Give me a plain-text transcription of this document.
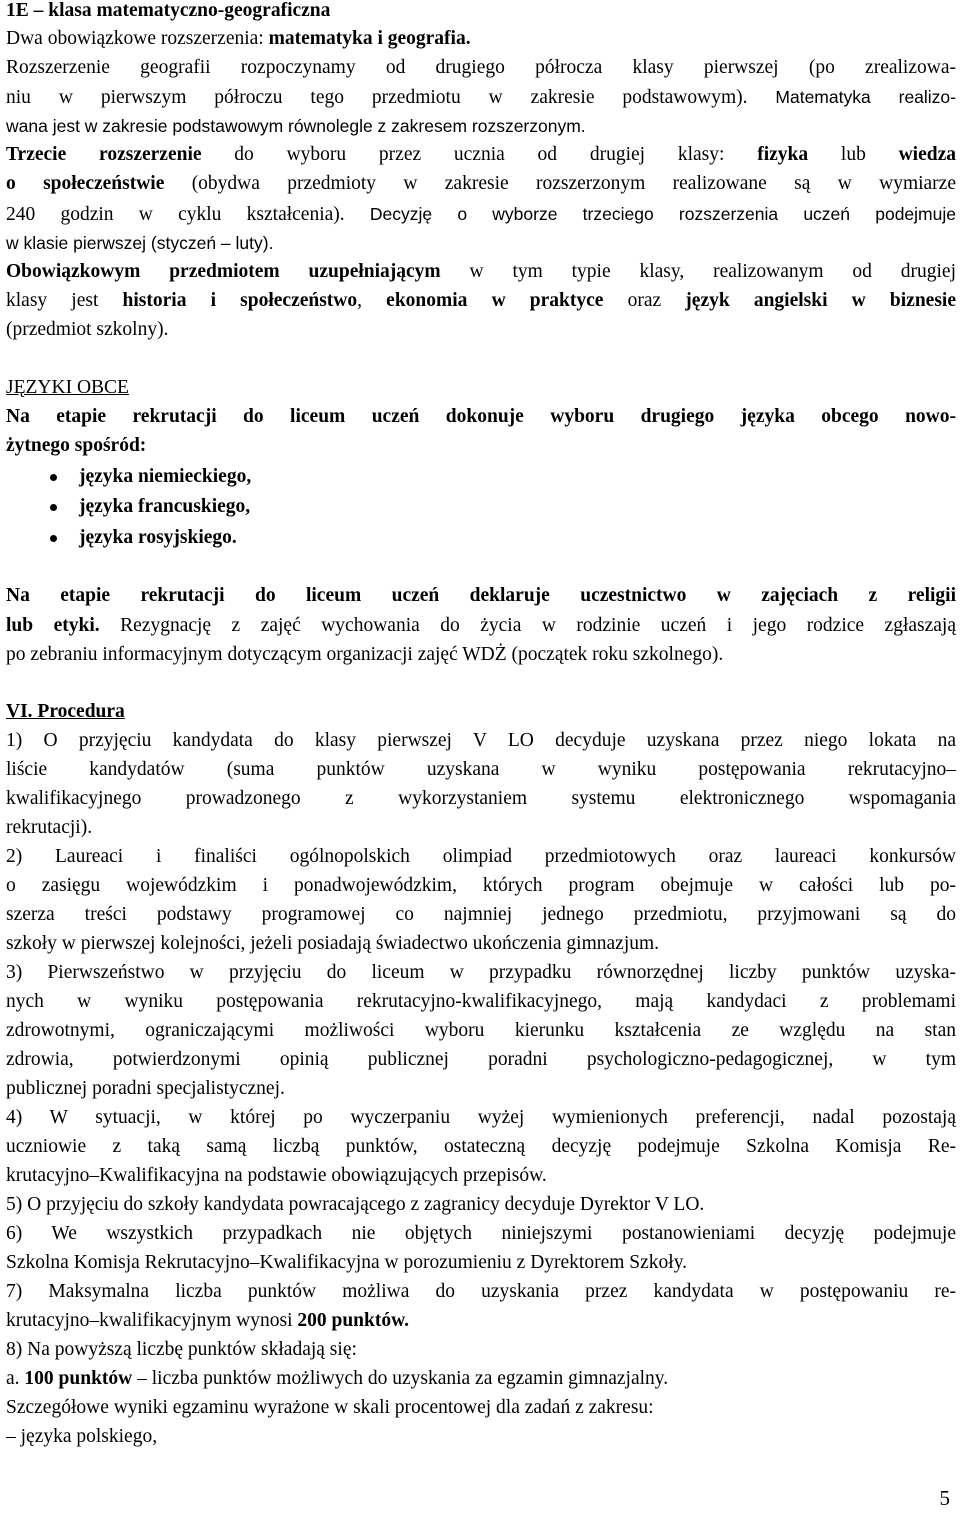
1E – klasa matematyczno-geograficzna
Dwa obowiązkowe rozszerzenia: matematyka i geografia.
Rozszerzenie geografii rozpoczynamy od drugiego półrocza klasy pierwszej (po zrealizowa-
niu w pierwszym półroczu tego przedmiotu w zakresie podstawowym). Matematyka realizo-
wana jest w zakresie podstawowym równolegle z zakresem rozszerzonym.
Trzecie rozszerzenie do wyboru przez ucznia od drugiej klasy: fizyka lub wiedza
o społeczeństwie (obydwa przedmioty w zakresie rozszerzonym realizowane są w wymiarze
240 godzin w cyklu kształcenia). Decyzję o wyborze trzeciego rozszerzenia uczeń podejmuje
w klasie pierwszej (styczeń – luty).
Obowiązkowym przedmiotem uzupełniającym w tym typie klasy, realizowanym od drugiej
klasy jest historia i społeczeństwo, ekonomia w praktyce oraz język angielski w biznesie
(przedmiot szkolny).
JĘZYKI OBCE
Na etapie rekrutacji do liceum uczeń dokonuje wyboru drugiego języka obcego nowo-
żytnego spośród:
języka niemieckiego,
języka francuskiego,
języka rosyjskiego.
Na etapie rekrutacji do liceum uczeń deklaruje uczestnictwo w zajęciach z religii
lub etyki. Rezygnację z zajęć wychowania do życia w rodzinie uczeń i jego rodzice zgłaszają
po zebraniu informacyjnym dotyczącym organizacji zajęć WDŻ (początek roku szkolnego).
VI. Procedura
1) O przyjęciu kandydata do klasy pierwszej V LO decyduje uzyskana przez niego lokata na
liście kandydatów (suma punktów uzyskana w wyniku postępowania rekrutacyjno–
kwalifikacyjnego prowadzonego z wykorzystaniem systemu elektronicznego wspomagania
rekrutacji).
2) Laureaci i finaliści ogólnopolskich olimpiad przedmiotowych oraz laureaci konkursów
o zasięgu wojewódzkim i ponadwojewódzkim, których program obejmuje w całości lub po-
szerza treści podstawy programowej co najmniej jednego przedmiotu, przyjmowani są do
szkoły w pierwszej kolejności, jeżeli posiadają świadectwo ukończenia gimnazjum.
3) Pierwszeństwo w przyjęciu do liceum w przypadku równorzędnej liczby punktów uzyska-
nych w wyniku postępowania rekrutacyjno-kwalifikacyjnego, mają kandydaci z problemami
zdrowotnymi, ograniczającymi możliwości wyboru kierunku kształcenia ze względu na stan
zdrowia, potwierdzonymi opinią publicznej poradni psychologiczno-pedagogicznej, w tym
publicznej poradni specjalistycznej.
4) W sytuacji, w której po wyczerpaniu wyżej wymienionych preferencji, nadal pozostają
uczniowie z taką samą liczbą punktów, ostateczną decyzję podejmuje Szkolna Komisja Re-
krutacyjno–Kwalifikacyjna na podstawie obowiązujących przepisów.
5) O przyjęciu do szkoły kandydata powracającego z zagranicy decyduje Dyrektor V LO.
6) We wszystkich przypadkach nie objętych niniejszymi postanowieniami decyzję podejmuje
Szkolna Komisja Rekrutacyjno–Kwalifikacyjna w porozumieniu z Dyrektorem Szkoły.
7) Maksymalna liczba punktów możliwa do uzyskania przez kandydata w postępowaniu re-
krutacyjno–kwalifikacyjnym wynosi 200 punktów.
8) Na powyższą liczbę punktów składają się:
a. 100 punktów – liczba punktów możliwych do uzyskania za egzamin gimnazjalny.
Szczegółowe wyniki egzaminu wyrażone w skali procentowej dla zadań z zakresu:
– języka polskiego,
5
